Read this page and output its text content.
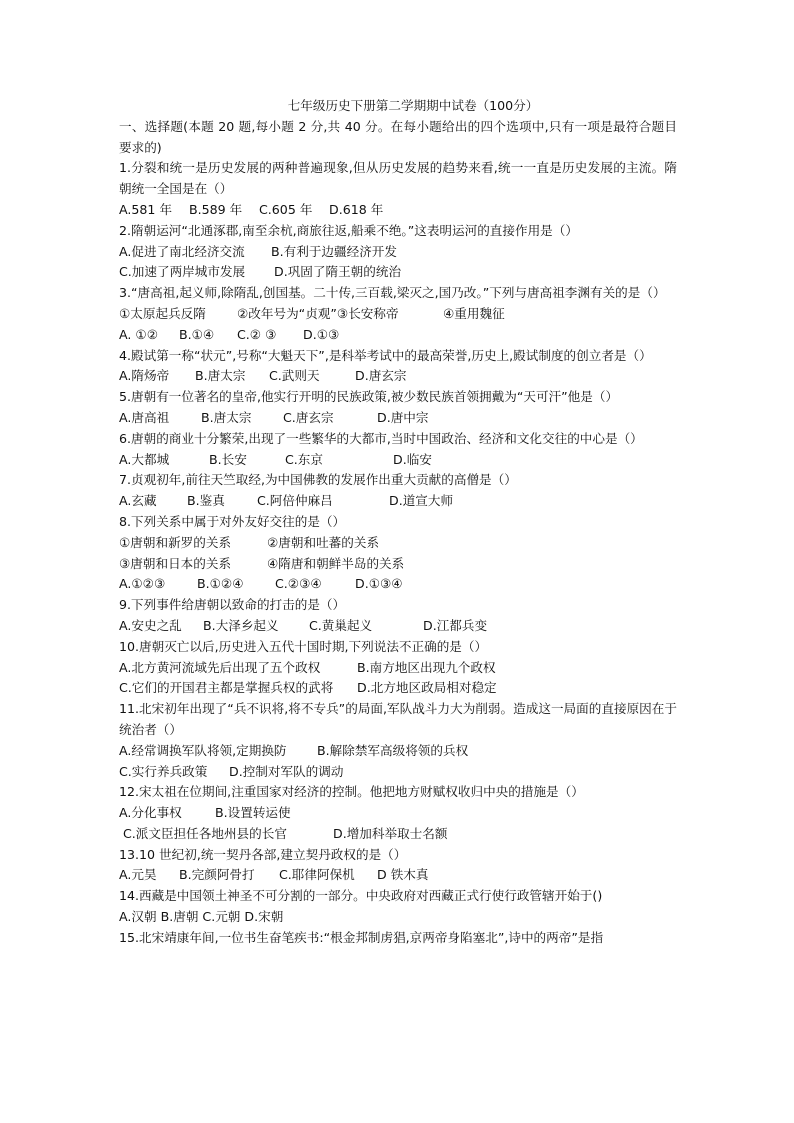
七年级历史下册第二学期期中试卷（100分）
一、选择题(本题 20 题,每小题 2 分,共 40 分。在每小题给出的四个选项中,只有一项是最符合题目要求的)
1.分裂和统一是历史发展的两种普遍现象,但从历史发展的趋势来看,统一一直是历史发展的主流。隋朝统一全国是在（）
A.581 年 B.589 年 C.605 年 D.618 年
2.隋朝运河“北通涿郡,南至余杭,商旅往返,船乘不绝。”这表明运河的直接作用是（）
A.促进了南北经济交流 B.有利于边疆经济开发
C.加速了两岸城市发展 D.巩固了隋王朝的统治
3.“唐高祖,起义师,除隋乱,创国基。二十传,三百载,梁灭之,国乃改。”下列与唐高祖李渊有关的是（）
①太原起兵反隋 ②改年号为“贞观”③长安称帝	④重用魏征
A. ①② B.①④ C.② ③ D.①③
4.殿试第一称“状元”,号称“大魁天下”,是科举考试中的最高荣誉,历史上,殿试制度的创立者是（）
A.隋炀帝 B.唐太宗 C.武则天	D.唐玄宗
5.唐朝有一位著名的皇帝,他实行开明的民族政策,被少数民族首领拥戴为“天可汗”他是（）
A.唐高祖	B.唐太宗	C.唐玄宗	D.唐中宗
6.唐朝的商业十分繁荣,出现了一些繁华的大都市,当时中国政治、经济和文化交往的中心是（）
A.大都城	B.长安	C.东京	D.临安
7.贞观初年,前往天竺取经,为中国佛教的发展作出重大贡献的高僧是（）
A.玄藏 B.鉴真	C.阿倍仲麻吕	D.道宣大师
8.下列关系中属于对外友好交往的是（）
①唐朝和新罗的关系	②唐朝和吐蕃的关系
③唐朝和日本的关系	④隋唐和朝鲜半岛的关系
A.①②③	B.①②④ C.②③④	D.①③④
9.下列事件给唐朝以致命的打击的是（）
A.安史之乱 B.大泽乡起义 C.黄巢起义	D.江都兵变
10.唐朝灭亡以后,历史进入五代十国时期,下列说法不正确的是（）
A.北方黄河流域先后出现了五个政权	B.南方地区出现九个政权
C.它们的开国君主都是掌握兵权的武将 D.北方地区政局相对稳定
11.北宋初年出现了“兵不识将,将不专兵”的局面,军队战斗力大为削弱。造成这一局面的直接原因在于统治者（）
A.经常调换军队将领,定期换防 B.解除禁军高级将领的兵权
C.实行养兵政策 D.控制对军队的调动
12.宋太祖在位期间,注重国家对经济的控制。他把地方财赋权收归中央的措施是（）
A.分化事权	B.设置转运使
C.派文臣担任各地州县的长官	D.增加科举取士名额
13.10 世纪初,统一契丹各部,建立契丹政权的是（）
A.元昊 B.完颜阿骨打 C.耶律阿保机 D 铁木真
14.西藏是中国领土神圣不可分割的一部分。中央政府对西藏正式行使行政管辖开始于()
A.汉朝 B.唐朝 C.元朝 D.宋朝
15.北宋靖康年间,一位书生奋笔疾书:“根金邦制虏猖,京两帝身陷塞北”,诗中的两帝”是指
